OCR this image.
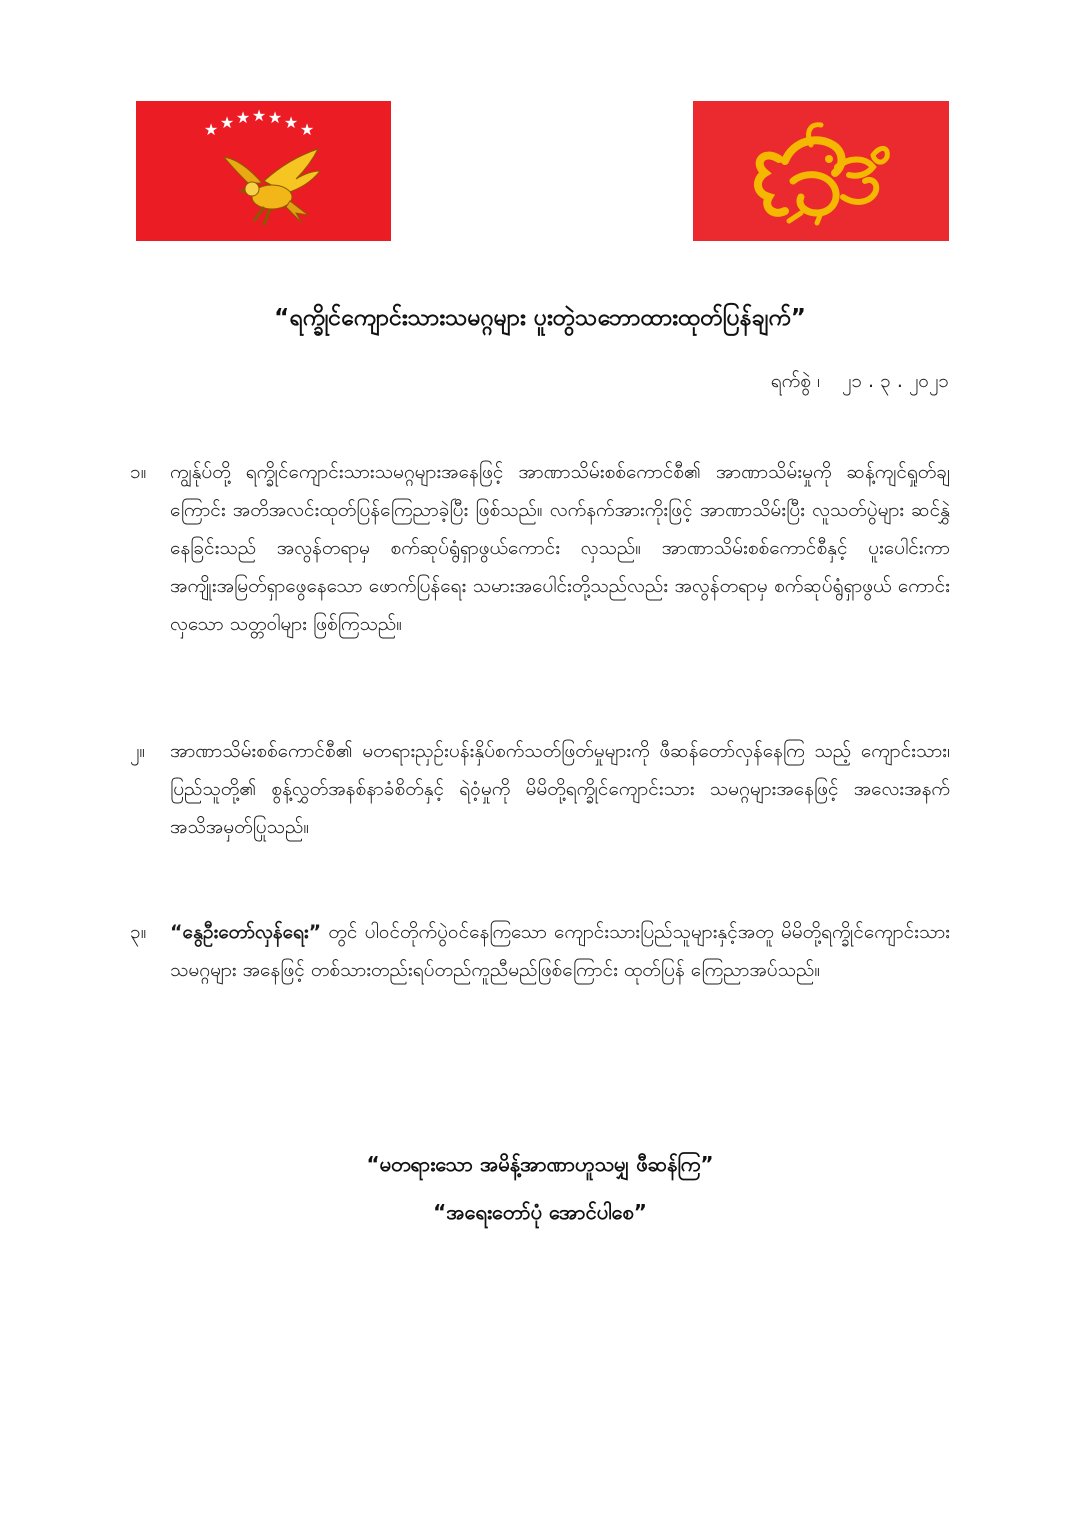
★ ★ ★ ★ ★ ★ ★
“ရက္ခိုင်ကျောင်းသားသမဂ္ဂများ ပူးတွဲသဘောထားထုတ်ပြန်ချက်”
ရက်စွဲ ၊ ၂၁ . ၃ . ၂၀၂၁

၁။	ကျွန်ုပ်တို့ ရက္ခိုင်ကျောင်းသားသမဂ္ဂများအနေဖြင့် အာဏာသိမ်းစစ်ကောင်စီ၏ အာဏာသိမ်းမှုကို ဆန့်ကျင်ရှုတ်ချကြောင်း အတိအလင်းထုတ်ပြန်ကြေညာခဲ့ပြီး ဖြစ်သည်။ လက်နက်အားကိုးဖြင့် အာဏာသိမ်းပြီး လူသတ်ပွဲများ ဆင်နွှဲနေခြင်းသည် အလွန်တရာမှ စက်ဆုပ်ရွံရှာဖွယ်ကောင်း လှသည်။ အာဏာသိမ်းစစ်ကောင်စီနှင့် ပူးပေါင်းကာ အကျိုးအမြတ်ရှာဖွေနေသော ဖောက်ပြန်ရေး သမားအပေါင်းတို့သည်လည်း အလွန်တရာမှ စက်ဆုပ်ရွံရှာဖွယ် ကောင်းလှသော သတ္တဝါများ ဖြစ်ကြသည်။

၂။	အာဏာသိမ်းစစ်ကောင်စီ၏ မတရားညှဉ်းပန်းနှိပ်စက်သတ်ဖြတ်မှုများကို ဖီဆန်တော်လှန်နေကြ သည့် ကျောင်းသား၊ ပြည်သူတို့၏ စွန့်လွှတ်အနစ်နာခံစိတ်နှင့် ရဲဝံ့မှုကို မိမိတို့ရက္ခိုင်ကျောင်းသား သမဂ္ဂများအနေဖြင့် အလေးအနက် အသိအမှတ်ပြုသည်။

၃။	“နွေဦးတော်လှန်ရေး” တွင် ပါဝင်တိုက်ပွဲဝင်နေကြသော ကျောင်းသားပြည်သူများနှင့်အတူ မိမိတို့ရက္ခိုင်ကျောင်းသားသမဂ္ဂများ အနေဖြင့် တစ်သားတည်းရပ်တည်ကူညီမည်ဖြစ်ကြောင်း ထုတ်ပြန် ကြေညာအပ်သည်။

“မတရားသော အမိန့်အာဏာဟူသမျှ ဖီဆန်ကြ”

“အရေးတော်ပုံ အောင်ပါစေ”
